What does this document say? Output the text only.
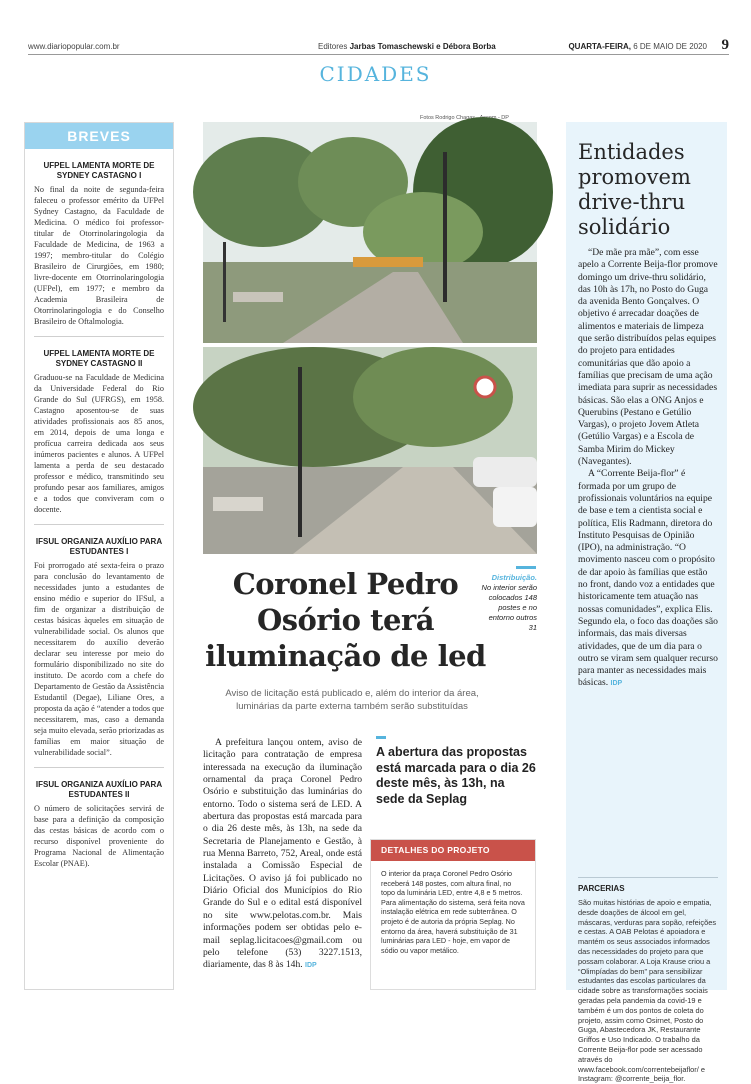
www.diariopopular.com.br	Editores Jarbas Tomaschewski e Débora Borba	QUARTA-FEIRA, 6 DE MAIO DE 2020 9
CIDADES
BREVES
UFPEL LAMENTA MORTE DE SYDNEY CASTAGNO I

No final da noite de segunda-feira faleceu o professor emérito da UFPel Sydney Castagno, da Faculdade de Medicina. O médico foi professor-titular de Otorrinolaringologia da Faculdade de Medicina, de 1963 a 1997; membro-titular do Colégio Brasileiro de Cirurgiões, em 1980; livre-docente em Otorrinolaringologia (UFPel), em 1977; e membro da Academia Brasileira de Otorrinolaringologia e do Conselho Brasileiro de Oftalmologia.

UFPEL LAMENTA MORTE DE SYDNEY CASTAGNO II

Graduou-se na Faculdade de Medicina da Universidade Federal do Rio Grande do Sul (UFRGS), em 1958. Castagno aposentou-se de suas atividades profissionais aos 85 anos, em 2014, depois de uma longa e profícua carreira dedicada aos seus inúmeros pacientes e alunos. A UFPel lamenta a perda de seu destacado professor e médico, transmitindo seu profundo pesar aos familiares, amigos e a todos que conviveram com o docente.

IFSUL ORGANIZA AUXÍLIO PARA ESTUDANTES I

Foi prorrogado até sexta-feira o prazo para conclusão do levantamento de necessidades junto a estudantes de ensino médio e superior do IFSul, a fim de organizar a distribuição de cestas básicas àqueles em situação de vulnerabilidade social. Os alunos que necessitarem do auxílio deverão declarar seu interesse por meio do formulário disponibilizado no site do instituto. De acordo com a chefe do Departamento de Gestão da Assistência Estudantil (Degae), Liliane Ores, a proposta da ação é “atender a todos que necessitarem, mas, caso a demanda seja muito elevada, serão priorizadas as famílias em maior situação de vulnerabilidade social”.

IFSUL ORGANIZA AUXÍLIO PARA ESTUDANTES II

O número de solicitações servirá de base para a definição da composição das cestas básicas de acordo com o recurso disponível proveniente do Programa Nacional de Alimentação Escolar (PNAE).

Fotos Rodrigo Chagas - Ascom - DP
Coronel Pedro Osório terá iluminação de led
Distribuição.
No interior serão colocados 148 postes e no entorno outros 31
Aviso de licitação está publicado e, além do interior da área, luminárias da parte externa também serão substituídas
A prefeitura lançou ontem, aviso de licitação para contratação de empresa interessada na execução da iluminação ornamental da praça Coronel Pedro Osório e substituição das luminárias do entorno. Todo o sistema será de LED. A abertura das propostas está marcada para o dia 26 deste mês, às 13h, na sede da Secretaria de Planejamento e Gestão, à rua Menna Barreto, 752, Areal, onde está instalada a Comissão Especial de Licitações. O aviso já foi publicado no Diário Oficial dos Municípios do Rio Grande do Sul e o edital está disponível no site www.pelotas.com.br. Mais informações podem ser obtidas pelo e-mail seplag.licitacoes@gmail.com ou pelo telefone (53) 3227.1513, diariamente, das 8 às 14h. IDP
A abertura das propostas está marcada para o dia 26 deste mês, às 13h, na sede da Seplag
DETALHES DO PROJETO
O interior da praça Coronel Pedro Osório receberá 148 postes, com altura final, no topo da luminária LED, entre 4,8 e 5 metros. Para alimentação do sistema, será feita nova instalação elétrica em rede subterrânea. O projeto é de autoria da própria Seplag. No entorno da área, haverá substituição de 31 luminárias para LED - hoje, em vapor de sódio ou vapor metálico.
Entidades promovem drive-thru solidário

“De mãe pra mãe”, com esse apelo a Corrente Beija-flor promove domingo um drive-thru solidário, das 10h às 17h, no Posto do Guga da avenida Bento Gonçalves. O objetivo é arrecadar doações de alimentos e materiais de limpeza que serão distribuídos pelas equipes do projeto para entidades comunitárias que dão apoio a famílias que precisam de uma ação imediata para suprir as necessidades básicas. São elas a ONG Anjos e Querubins (Pestano e Getúlio Vargas), o projeto Jovem Atleta (Getúlio Vargas) e a Escola de Samba Mirim do Mickey (Navegantes).

A “Corrente Beija-flor” é formada por um grupo de profissionais voluntários na equipe de base e tem a cientista social e política, Elis Radmann, diretora do Instituto Pesquisas de Opinião (IPO), na administração. “O movimento nasceu com o propósito de dar apoio às famílias que estão no front, dando voz a entidades que historicamente tem atuação nas nossas comunidades”, explica Elis. Segundo ela, o foco das doações são informais, das mais diversas atividades, que de um dia para o outro se viram sem qualquer recurso para manter as necessidades mais básicas. IDP

PARCERIAS
São muitas histórias de apoio e empatia, desde doações de álcool em gel, máscaras, verduras para sopão, refeições e cestas. A OAB Pelotas é apoiadora e mantém os seus associados informados das necessidades do projeto para que possam colaborar. A Loja Krause criou a “Olimpíadas do bem” para sensibilizar estudantes das escolas particulares da cidade sobre as transformações sociais geradas pela pandemia da covid-19 e também é um dos pontos de coleta do projeto, assim como Osirnet, Posto do Guga, Abastecedora JK, Restaurante Griffos e Uso Indicado. O trabalho da Corrente Beija-flor pode ser acessado através do www.facebook.com/correntebeijaflor/ e Instagram: @corrente_beija_flor.
